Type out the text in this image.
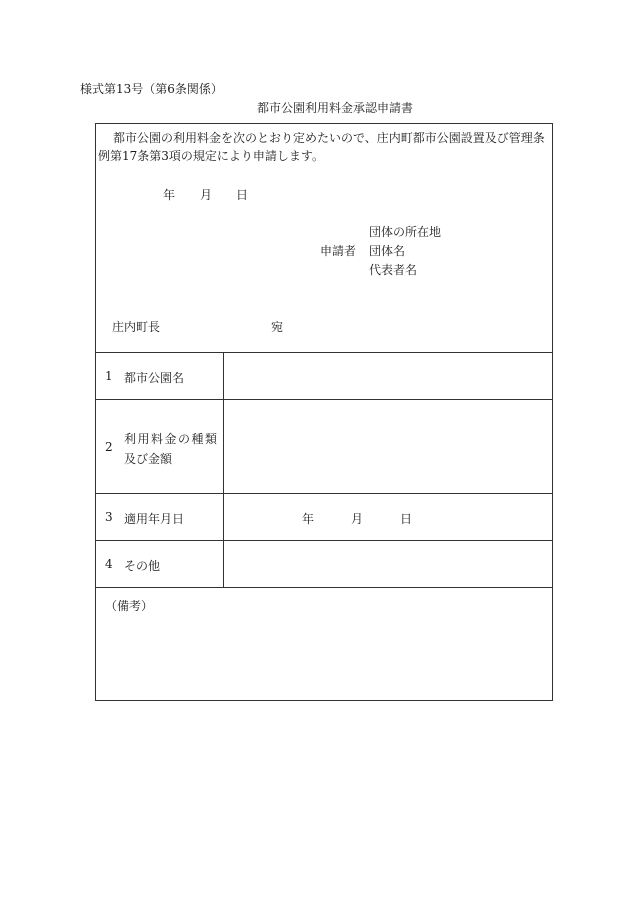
様式第13号（第6条関係）
都市公園利用料金承認申請書
都市公園の利用料金を次のとおり定めたいので、庄内町都市公園設置及び管理条
例第17条第3項の規定により申請します。
年 月 日
団体の所在地
申請者 団体名
代表者名
庄内町長	宛
1 都市公園名
2
利用料金の種類
及び金額
3 適用年月日	年	月	日
4 その他
（備考）
